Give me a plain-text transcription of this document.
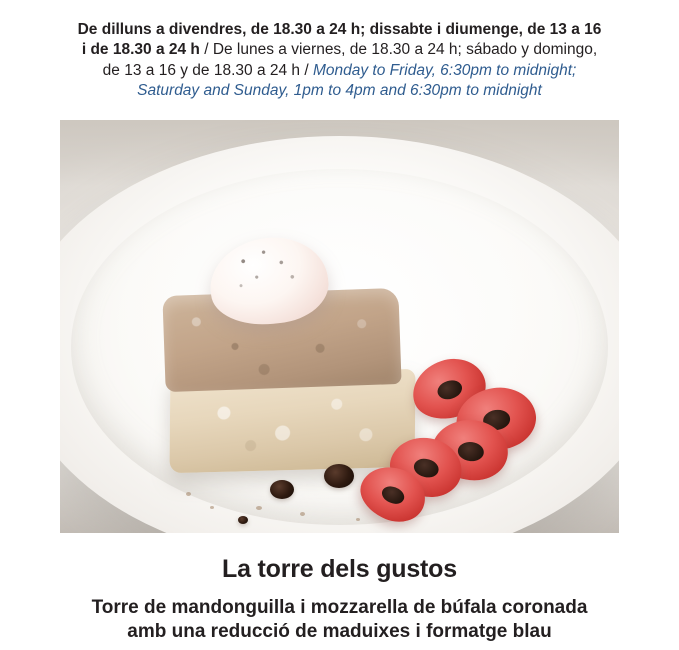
De dilluns a divendres, de 18.30 a 24 h; dissabte i diumenge, de 13 a 16
i de 18.30 a 24 h / De lunes a viernes, de 18.30 a 24 h; sábado y domingo,
de 13 a 16 y de 18.30 a 24 h / Monday to Friday, 6:30pm to midnight;
Saturday and Sunday, 1pm to 4pm and 6:30pm to midnight
La torre dels gustos
Torre de mandonguilla i mozzarella de búfala coronada
amb una reducció de maduixes i formatge blau
